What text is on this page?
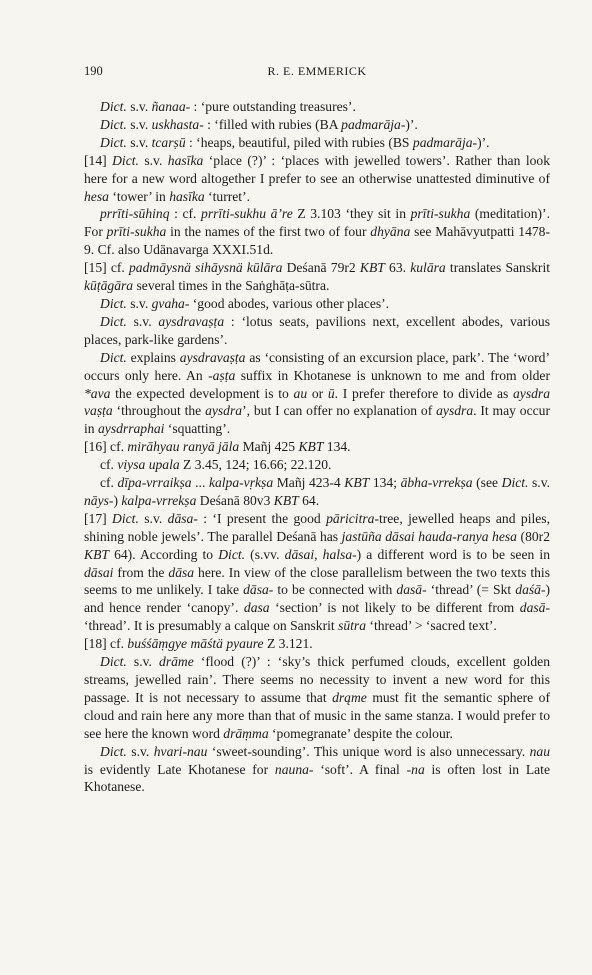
190	R. E. EMMERICK

Dict. s.v. ñanaa- : ‘pure outstanding treasures’.

Dict. s.v. uskhasta- : ‘filled with rubies (BA padmarāja-)’.

Dict. s.v. tcarṣū : ‘heaps, beautiful, piled with rubies (BS padmarāja-)’.

[14] Dict. s.v. hasīka ‘place (?)’ : ‘places with jewelled towers’. Rather than look here for a new word altogether I prefer to see an otherwise unattested diminutive of hesa ‘tower’ in hasīka ‘turret’.

prrīti-sūhinq : cf. prrīti-sukhu ā’re Z 3.103 ‘they sit in prīti-sukha (meditation)’. For prīti-sukha in the names of the first two of four dhyāna see Mahāvyutpatti 1478-9. Cf. also Udānavarga XXXI.51d.

[15] cf. padmāysnä sihāysnä kūlāra Deśanā 79r2 KBT 63. kulāra translates Sanskrit kūṭāgāra several times in the Saṅghāṭa-sūtra.

Dict. s.v. gvaha- ‘good abodes, various other places’.

Dict. s.v. aysdravaṣṭa : ‘lotus seats, pavilions next, excellent abodes, various places, park-like gardens’.

Dict. explains aysdravaṣṭa as ‘consisting of an excursion place, park’. The ‘word’ occurs only here. An -aṣṭa suffix in Khotanese is unknown to me and from older *ava the expected development is to au or ū. I prefer therefore to divide as aysdra vaṣṭa ‘throughout the aysdra’, but I can offer no explanation of aysdra. It may occur in aysdrraphai ‘squatting’.

[16] cf. mirāhyau ranyā jāla Mañj 425 KBT 134.

cf. viysa upala Z 3.45, 124; 16.66; 22.120.

cf. dīpa-vrraikṣa ... kalpa-vṛkṣa Mañj 423-4 KBT 134; ābha-vrrekṣa (see Dict. s.v. nāys-) kalpa-vrrekṣa Deśanā 80v3 KBT 64.

[17] Dict. s.v. dāsa- : ‘I present the good pāricitra-tree, jewelled heaps and piles, shining noble jewels’. The parallel Deśanā has jastūña dāsai hauda-ranya hesa (80r2 KBT 64). According to Dict. (s.vv. dāsai, halsa-) a different word is to be seen in dāsai from the dāsa here. In view of the close parallelism between the two texts this seems to me unlikely. I take dāsa- to be connected with dasā- ‘thread’ (= Skt daśā-) and hence render ‘canopy’. dasa ‘section’ is not likely to be different from dasā- ‘thread’. It is presumably a calque on Sanskrit sūtra ‘thread’ > ‘sacred text’.

[18] cf. buśśāṃgye māśtä pyaure Z 3.121.

Dict. s.v. drāme ‘flood (?)’ : ‘sky’s thick perfumed clouds, excellent golden streams, jewelled rain’. There seems no necessity to invent a new word for this passage. It is not necessary to assume that drąme must fit the semantic sphere of cloud and rain here any more than that of music in the same stanza. I would prefer to see here the known word drāṃma ‘pomegranate’ despite the colour.

Dict. s.v. hvari-nau ‘sweet-sounding’. This unique word is also unnecessary. nau is evidently Late Khotanese for nauna- ‘soft’. A final -na is often lost in Late Khotanese.
